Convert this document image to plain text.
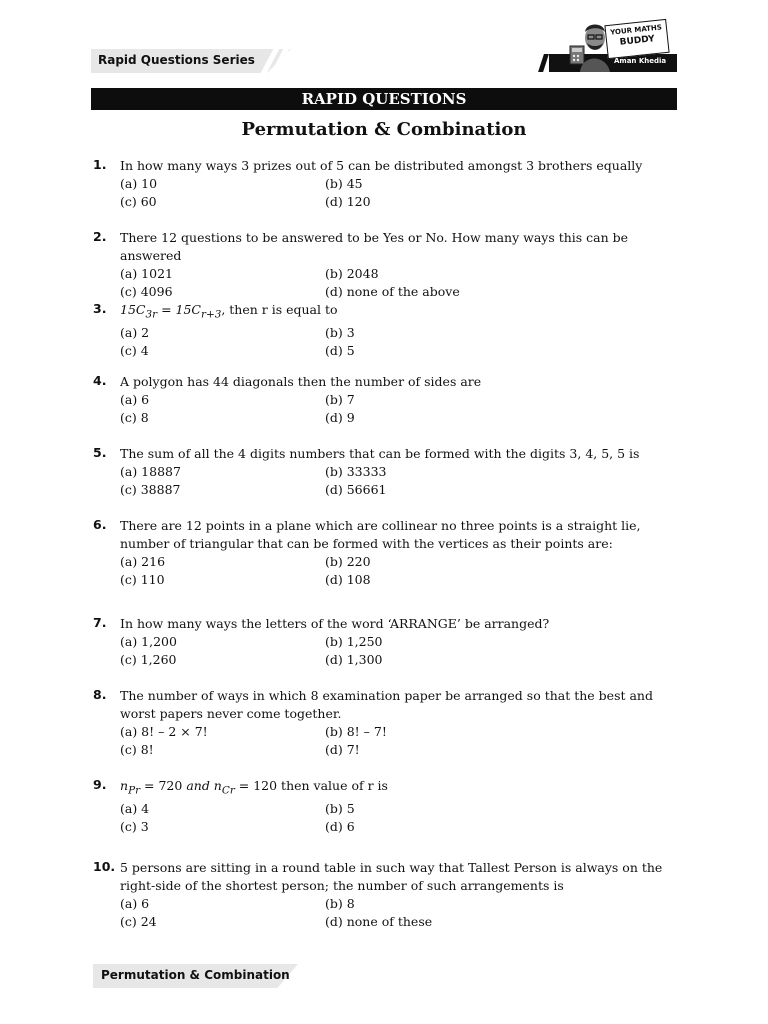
Rapid Questions Series
YOUR MATHS
BUDDY
Aman Khedia
RAPID QUESTIONS
Permutation & Combination
1. In how many ways 3 prizes out of 5 can be distributed amongst 3 brothers equally
(a) 10	(b) 45
(c) 60	(d) 120
2. There 12 questions to be answered to be Yes or No. How many ways this can be answered
(a) 1021	(b) 2048
(c) 4096	(d) none of the above
3. $15C_{3r} = 15C_{r+3}$, then r is equal to
(a) 2	(b) 3
(c) 4	(d) 5
4. A polygon has 44 diagonals then the number of sides are
(a) 6	(b) 7
(c) 8	(d) 9
5. The sum of all the 4 digits numbers that can be formed with the digits 3, 4, 5, 5 is
(a) 18887	(b) 33333
(c) 38887	(d) 56661
6. There are 12 points in a plane which are collinear no three points is a straight lie, number of triangular that can be formed with the vertices as their points are:
(a) 216	(b) 220
(c) 110	(d) 108
7. In how many ways the letters of the word ‘ARRANGE’ be arranged?
(a) 1,200	(b) 1,250
(c) 1,260	(d) 1,300
8. The number of ways in which 8 examination paper be arranged so that the best and worst papers never come together.
(a) 8! – 2 × 7!	(b) 8! – 7!
(c) 8!	(d) 7!
9. $n_{Pr} = 720$ and $n_{Cr} = 120$ then value of r is
(a) 4	(b) 5
(c) 3	(d) 6
10. 5 persons are sitting in a round table in such way that Tallest Person is always on the right-side of the shortest person; the number of such arrangements is
(a) 6	(b) 8
(c) 24	(d) none of these
Permutation & Combination
